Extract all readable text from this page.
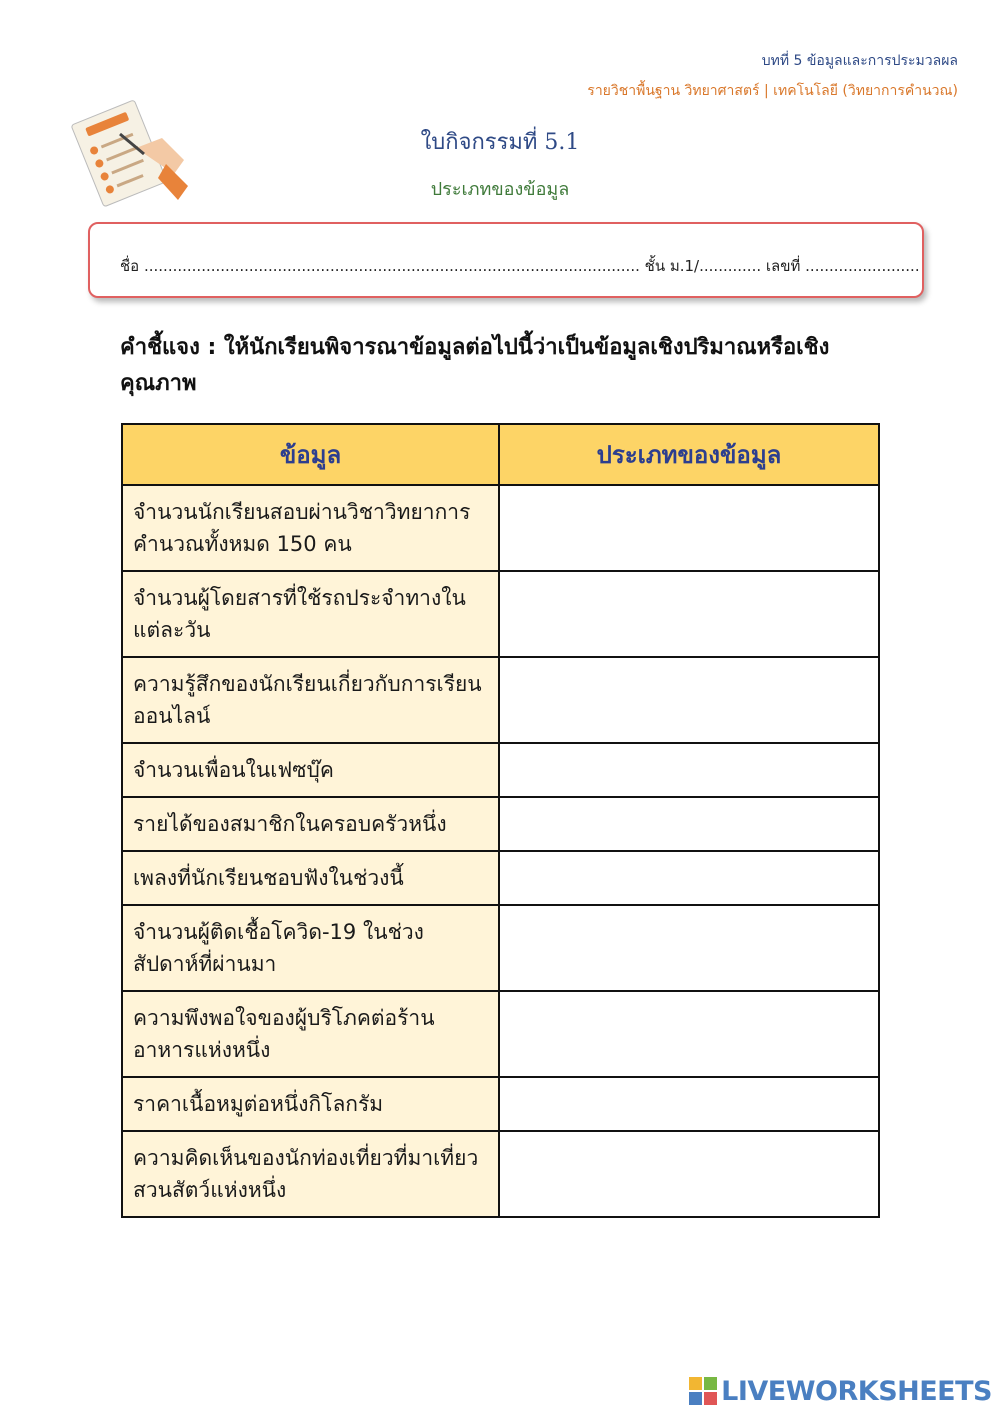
บทที่ 5 ข้อมูลและการประมวลผล
รายวิชาพื้นฐาน วิทยาศาสตร์ | เทคโนโลยี (วิทยาการคำนวณ)
ใบกิจกรรมที่ 5.1
ประเภทของข้อมูล
ชื่อ ........................................................................................................ ชั้น ม.1/............. เลขที่ ........................
คำชี้แจง : ให้นักเรียนพิจารณาข้อมูลต่อไปนี้ว่าเป็นข้อมูลเชิงปริมาณหรือเชิงคุณภาพ
ข้อมูล	ประเภทของข้อมูล
จำนวนนักเรียนสอบผ่านวิชาวิทยาการคำนวณทั้งหมด 150 คน	
จำนวนผู้โดยสารที่ใช้รถประจำทางในแต่ละวัน	
ความรู้สึกของนักเรียนเกี่ยวกับการเรียนออนไลน์	
จำนวนเพื่อนในเฟซบุ๊ค	
รายได้ของสมาชิกในครอบครัวหนึ่ง	
เพลงที่นักเรียนชอบฟังในช่วงนี้	
จำนวนผู้ติดเชื้อโควิด-19 ในช่วงสัปดาห์ที่ผ่านมา	
ความพึงพอใจของผู้บริโภคต่อร้านอาหารแห่งหนึ่ง	
ราคาเนื้อหมูต่อหนึ่งกิโลกรัม	
ความคิดเห็นของนักท่องเที่ยวที่มาเที่ยวสวนสัตว์แห่งหนึ่ง	
LIVEWORKSHEETS
